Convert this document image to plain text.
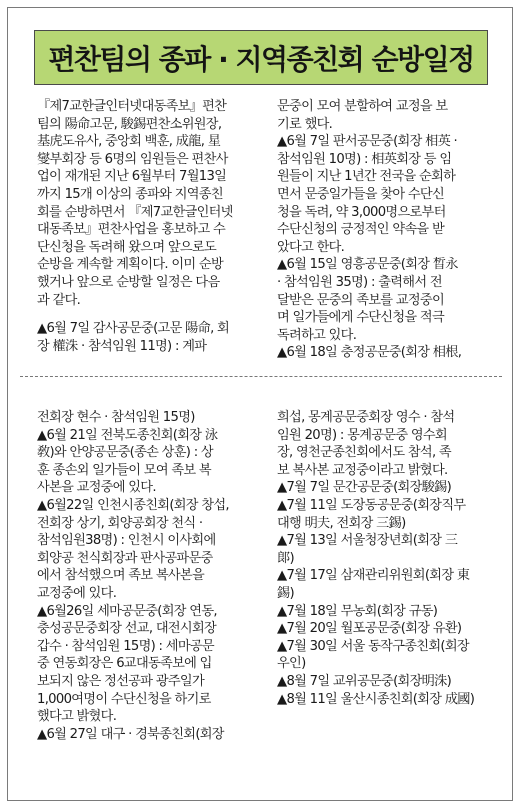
편찬팀의 종파 · 지역종친회 순방일정

『제7교한글인터넷대동족보』편찬

팀의 陽命고문, 駿錫편찬소위원장,

基虎도유사, 중앙회 백훈, 成龍, 星

燮부회장 등 6명의 임원들은 편찬사

업이 재개된 지난 6월부터 7월13일

까지 15개 이상의 종파와 지역종친

회를 순방하면서 『제7교한글인터넷

대동족보』편찬사업을 홍보하고 수

단신청을 독려해 왔으며 앞으로도

순방을 계속할 계획이다. 이미 순방

했거나 앞으로 순방할 일정은 다음

과 같다.

▲6월 7일 감사공문중(고문 陽命, 회

장 權洙 · 참석임원 11명) : 계파

문중이 모여 분할하여 교정을 보

기로 했다.

▲6월 7일 판서공문중(회장 相英 ·

참석임원 10명) : 相英회장 등 임

원들이 지난 1년간 전국을 순회하

면서 문중일가들을 찾아 수단신

청을 독려, 약 3,000명으로부터

수단신청의 긍정적인 약속을 받

았다고 한다.

▲6월 15일 영흥공문중(회장 晳永

· 참석임원 35명) : 출력해서 전

달받은 문중의 족보를 교정중이

며 일가들에게 수단신청을 적극

독려하고 있다.

▲6월 18일 충정공문중(회장 相根,

전회장 현수 · 참석임원 15명)

▲6월 21일 전북도종친회(회장 泳

敎)와 안양공문중(종손 상훈) : 상

훈 종손외 일가들이 모여 족보 복

사본을 교정중에 있다.

▲6월22일 인천시종친회(회장 창섭,

전회장 상기, 회양공회장 천식 ·

참석임원38명) : 인천시 이사회에

회양공 천식회장과 판사공파문중

에서 참석했으며 족보 복사본을

교정중에 있다.

▲6월26일 세마공문중(회장 연동,

충성공문중회장 선교, 대전시회장

갑수 · 참석임원 15명) : 세마공문

중 연동회장은 6교대동족보에 입

보되지 않은 정선공파 광주일가

1,000여명이 수단신청을 하기로

했다고 밝혔다.

▲6월 27일 대구 · 경북종친회(회장

희섭, 몽계공문중회장 영수 · 참석

임원 20명) : 몽계공문중 영수회

장, 영천군종친회에서도 참석, 족

보 복사본 교정중이라고 밝혔다.

▲7월 7일 문간공문중(회장駿錫)

▲7월 11일 도장동공문중(회장직무

대행 明夫, 전회장 三錫)

▲7월 13일 서울청장년회(회장 三

郞)

▲7월 17일 삼재관리위원회(회장 東

錫)

▲7월 18일 무농회(회장 규동)

▲7월 20일 월포공문중(회장 유환)

▲7월 30일 서울 동작구종친회(회장

우인)

▲8월 7일 교위공문중(회장明洙)

▲8월 11일 울산시종친회(회장 成國)
